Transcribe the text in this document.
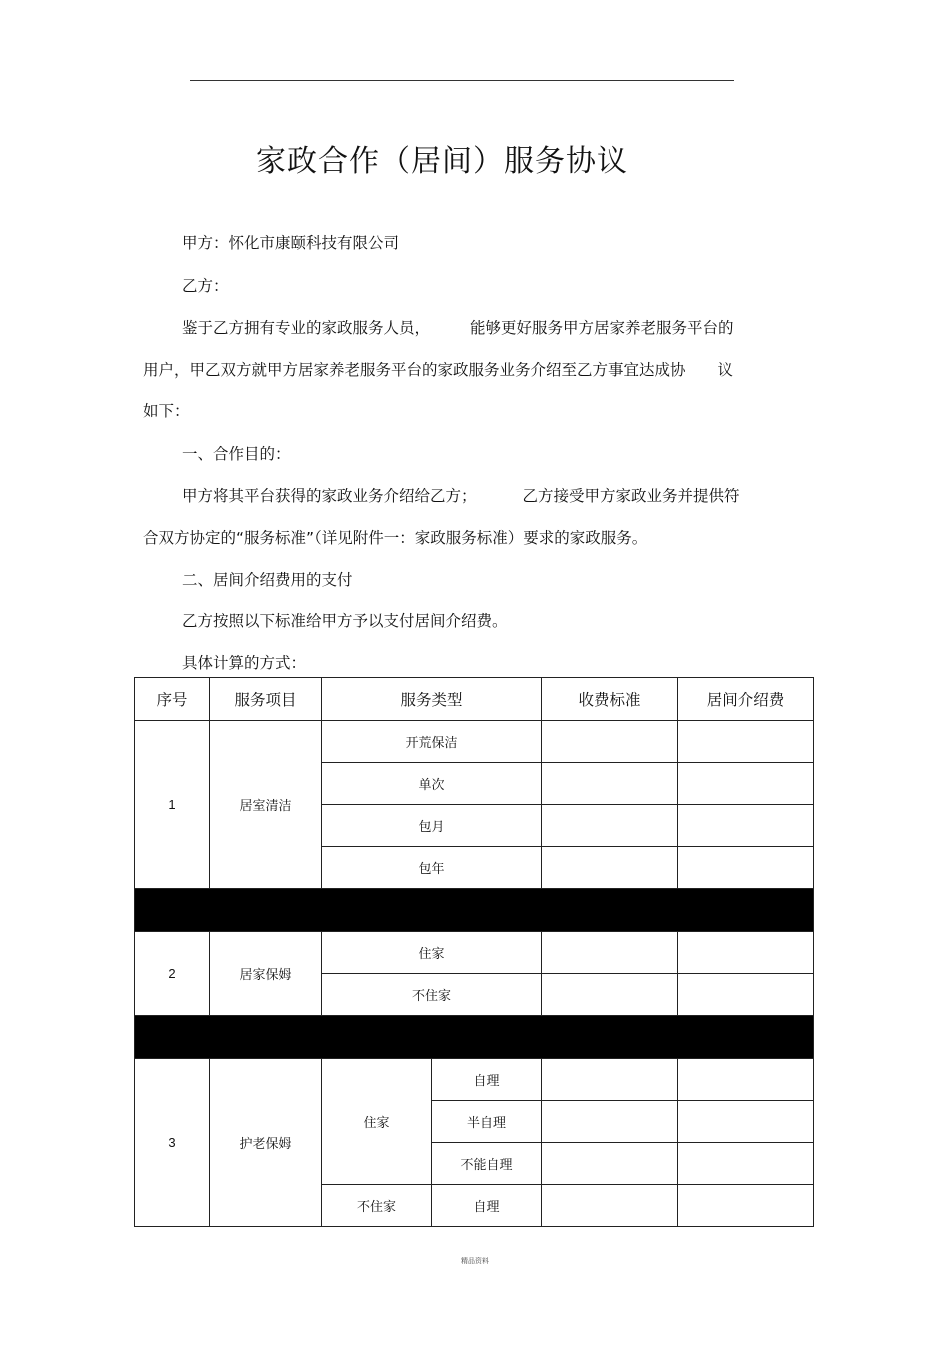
家政合作（居间）服务协议
甲方：怀化市康颐科技有限公司
乙方：
鉴于乙方拥有专业的家政服务人员，	能够更好服务甲方居家养老服务平台的
用户，甲乙双方就甲方居家养老服务平台的家政服务业务介绍至乙方事宜达成协 议
如下：
一、合作目的：
甲方将其平台获得的家政业务介绍给乙方；	乙方接受甲方家政业务并提供符
合双方协定的“服务标准”（详见附件一：家政服务标准）要求的家政服务。
二、居间介绍费用的支付
乙方按照以下标准给甲方予以支付居间介绍费。
具体计算的方式：
序号	服务项目	服务类型		收费标准	居间介绍费
1	居室清洁	开荒保洁			
		单次			
		包月			
		包年			

2	居家保姆	住家			
		不住家			

3	护老保姆	住家	自理		
			半自理		
			不能自理		
		不住家	自理		
精品资料
